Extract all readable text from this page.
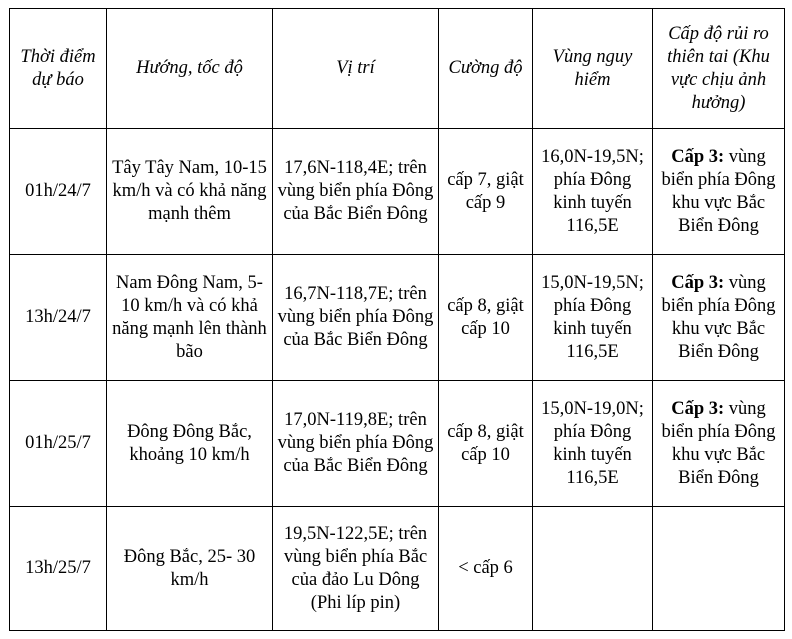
Thời điểm dự báo	Hướng, tốc độ	Vị trí	Cường độ	Vùng nguy hiểm	Cấp độ rủi ro thiên tai (Khu vực chịu ảnh hưởng)
01h/24/7	Tây Tây Nam, 10-15 km/h và có khả năng mạnh thêm	17,6N-118,4E; trên vùng biển phía Đông của Bắc Biển Đông	cấp 7, giật cấp 9	16,0N-19,5N; phía Đông kinh tuyến 116,5E	Cấp 3: vùng biển phía Đông khu vực Bắc Biển Đông
13h/24/7	Nam Đông Nam, 5-10 km/h và có khả năng mạnh lên thành bão	16,7N-118,7E; trên vùng biển phía Đông của Bắc Biển Đông	cấp 8, giật cấp 10	15,0N-19,5N; phía Đông kinh tuyến 116,5E	Cấp 3: vùng biển phía Đông khu vực Bắc Biển Đông
01h/25/7	Đông Đông Bắc, khoảng 10 km/h	17,0N-119,8E; trên vùng biển phía Đông của Bắc Biển Đông	cấp 8, giật cấp 10	15,0N-19,0N; phía Đông kinh tuyến 116,5E	Cấp 3: vùng biển phía Đông khu vực Bắc Biển Đông
13h/25/7	Đông Bắc, 25- 30 km/h	19,5N-122,5E; trên vùng biển phía Bắc của đảo Lu Dông (Phi líp pin)	< cấp 6		
